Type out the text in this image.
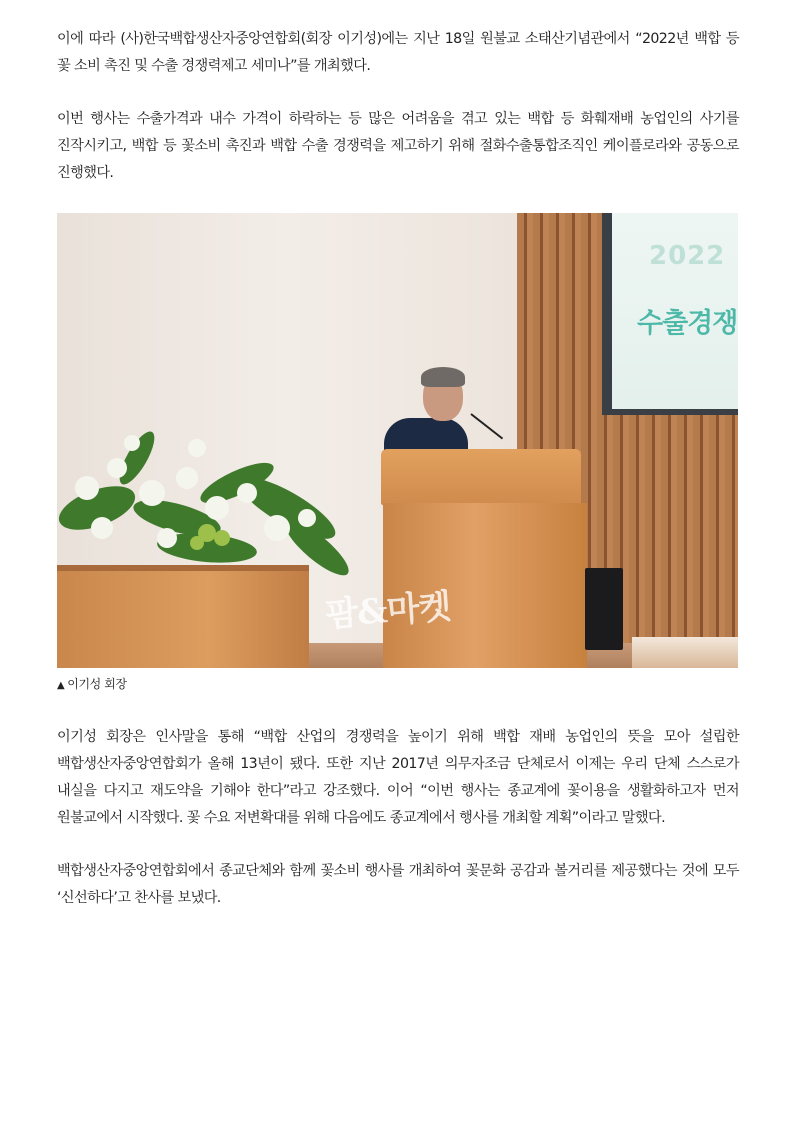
이에 따라 (사)한국백합생산자중앙연합회(회장 이기성)에는 지난 18일 원불교 소태산기념관에서 “2022년 백합 등 꽃 소비 촉진 및 수출 경쟁력제고 세미나”를 개최했다.

이번 행사는 수출가격과 내수 가격이 하락하는 등 많은 어려움을 겪고 있는 백합 등 화훼재배 농업인의 사기를 진작시키고, 백합 등 꽃소비 촉진과 백합 수출 경쟁력을 제고하기 위해 절화수출통합조직인 케이플로라와 공동으로 진행했다.

2022
수출경쟁
팜&마켓
▲ 이기성 회장

이기성 회장은 인사말을 통해 “백합 산업의 경쟁력을 높이기 위해 백합 재배 농업인의 뜻을 모아 설립한 백합생산자중앙연합회가 올해 13년이 됐다. 또한 지난 2017년 의무자조금 단체로서 이제는 우리 단체 스스로가 내실을 다지고 재도약을 기해야 한다”라고 강조했다. 이어 “이번 행사는 종교계에 꽃이용을 생활화하고자 먼저 원불교에서 시작했다. 꽃 수요 저변확대를 위해 다음에도 종교계에서 행사를 개최할 계획”이라고 말했다.

백합생산자중앙연합회에서 종교단체와 함께 꽃소비 행사를 개최하여 꽃문화 공감과 볼거리를 제공했다는 것에 모두 ‘신선하다’고 찬사를 보냈다.
